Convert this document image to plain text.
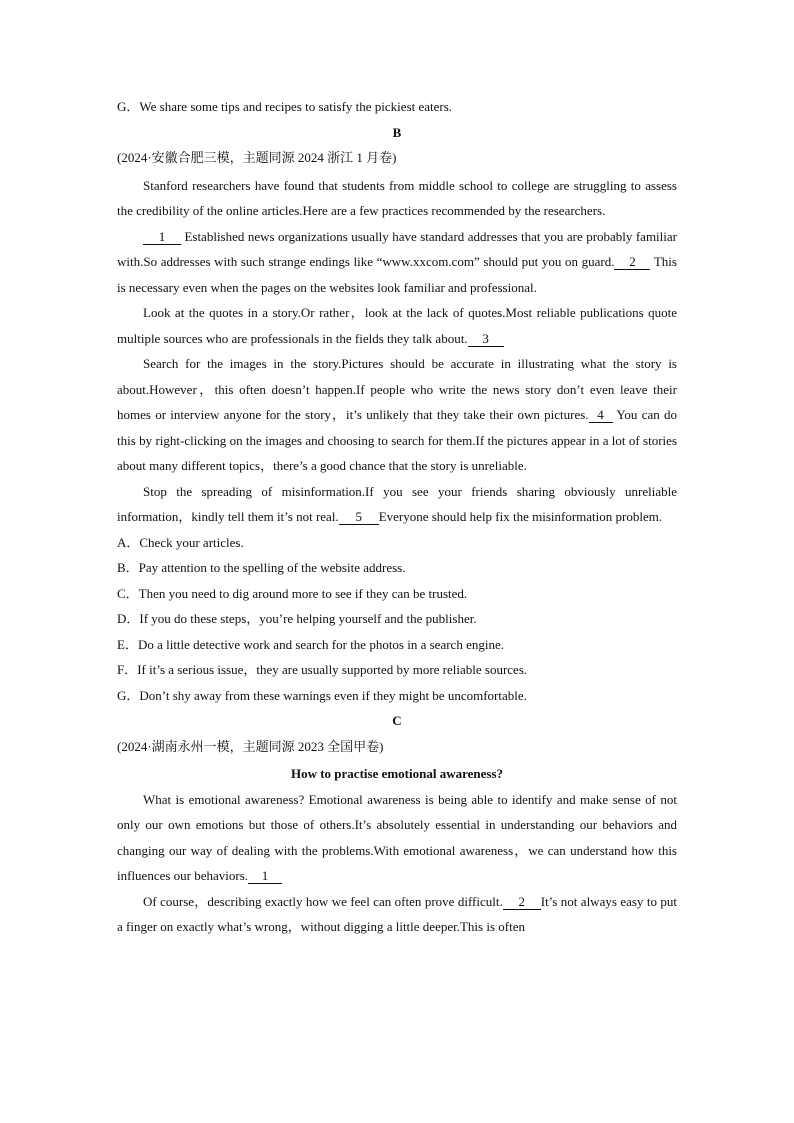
G．We share some tips and recipes to satisfy the pickiest eaters.

B

(2024·安徽合肥三模，主题同源 2024 浙江 1 月卷)

Stanford researchers have found that students from middle school to college are struggling to assess the credibility of the online articles.Here are a few practices recommended by the researchers.

1 Established news organizations usually have standard addresses that you are probably familiar with.So addresses with such strange endings like “www.xxcom.com” should put you on guard. 2 This is necessary even when the pages on the websites look familiar and professional.

Look at the quotes in a story.Or rather，look at the lack of quotes.Most reliable publications quote multiple sources who are professionals in the fields they talk about. 3

Search for the images in the story.Pictures should be accurate in illustrating what the story is about.However，this often doesn’t happen.If people who write the news story don’t even leave their homes or interview anyone for the story，it’s unlikely that they take their own pictures. 4 You can do this by right-clicking on the images and choosing to search for them.If the pictures appear in a lot of stories about many different topics，there’s a good chance that the story is unreliable.

Stop the spreading of misinformation.If you see your friends sharing obviously unreliable information，kindly tell them it’s not real. 5 Everyone should help fix the misinformation problem.

A．Check your articles.

B．Pay attention to the spelling of the website address.

C．Then you need to dig around more to see if they can be trusted.

D．If you do these steps，you’re helping yourself and the publisher.

E．Do a little detective work and search for the photos in a search engine.

F．If it’s a serious issue，they are usually supported by more reliable sources.

G．Don’t shy away from these warnings even if they might be uncomfortable.

C

(2024·湖南永州一模，主题同源 2023 全国甲卷)

How to practise emotional awareness?

What is emotional awareness? Emotional awareness is being able to identify and make sense of not only our own emotions but those of others.It’s absolutely essential in understanding our behaviors and changing our way of dealing with the problems.With emotional awareness，we can understand how this influences our behaviors. 1

Of course，describing exactly how we feel can often prove difficult. 2 It’s not always easy to put a finger on exactly what’s wrong，without digging a little deeper.This is often
